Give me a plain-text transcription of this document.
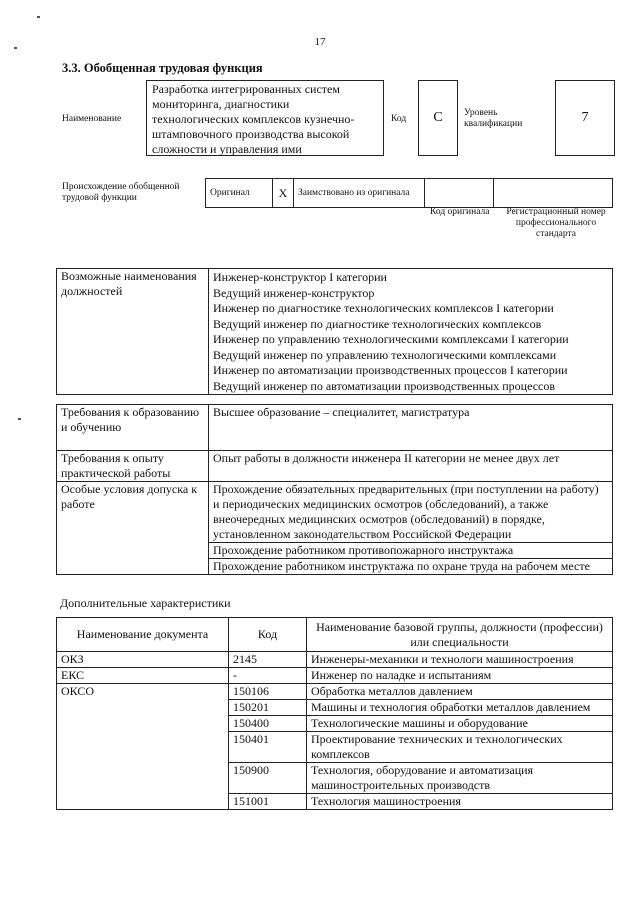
17
3.3. Обобщенная трудовая функция
Наименование
Разработка интегрированных систем мониторинга, диагностики технологических комплексов кузнечно-штамповочного производства высокой сложности и управления ими
Код	С	Уровень квалификации	7
Происхождение обобщенной трудовой функции	Оригинал	X	Заимствовано из оригинала		
Код оригинала Регистрационный номер профессионального стандарта
Возможные наименования должностей	
Инженер-конструктор I категории
Ведущий инженер-конструктор
Инженер по диагностике технологических комплексов I категории
Ведущий инженер по диагностике технологических комплексов
Инженер по управлению технологическими комплексами I категории
Ведущий инженер по управлению технологическими комплексами
Инженер по автоматизации производственных процессов I категории
Ведущий инженер по автоматизации производственных процессов
Требования к образованию и обучению	Высшее образование – специалитет, магистратура
Требования к опыту практической работы	Опыт работы в должности инженера II категории не менее двух лет
Особые условия допуска к работе	Прохождение обязательных предварительных (при поступлении на работу) и периодических медицинских осмотров (обследований), а также внеочередных медицинских осмотров (обследований) в порядке, установленном законодательством Российской Федерации
Прохождение работником противопожарного инструктажа
Прохождение работником инструктажа по охране труда на рабочем месте
Дополнительные характеристики
Наименование документа	Код	Наименование базовой группы, должности (профессии) или специальности
ОКЗ	2145	Инженеры-механики и технологи машиностроения
ЕКС	-	Инженер по наладке и испытаниям
ОКСО	150106	Обработка металлов давлением
	150201	Машины и технология обработки металлов давлением
	150400	Технологические машины и оборудование
	150401	Проектирование технических и технологических комплексов
	150900	Технология, оборудование и автоматизация машиностроительных производств
	151001	Технология машиностроения
